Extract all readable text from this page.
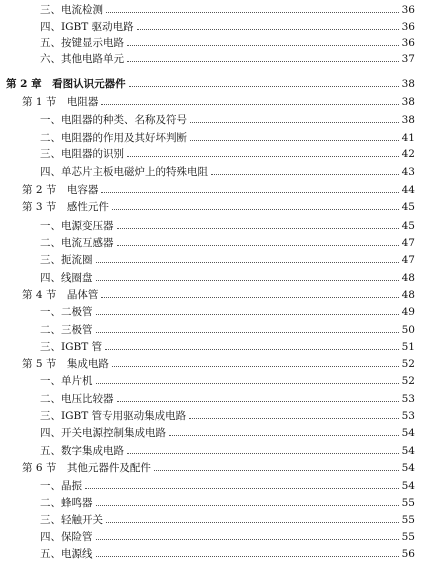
三、电流检测	36
四、IGBT 驱动电路	36
五、按键显示电路	36
六、其他电路单元	37
第 2 章　看图认识元器件	38
第 1 节　电阻器	38
一、电阻器的种类、名称及符号	38
二、电阻器的作用及其好坏判断	41
三、电阻器的识别	42
四、单芯片主板电磁炉上的特殊电阻	43
第 2 节　电容器	44
第 3 节　感性元件	45
一、电源变压器	45
二、电流互感器	47
三、扼流圈	47
四、线圈盘	48
第 4 节　晶体管	48
一、二极管	49
二、三极管	50
三、IGBT 管	51
第 5 节　集成电路	52
一、单片机	52
二、电压比较器	53
三、IGBT 管专用驱动集成电路	53
四、开关电源控制集成电路	54
五、数字集成电路	54
第 6 节　其他元器件及配件	54
一、晶振	54
二、蜂鸣器	55
三、轻触开关	55
四、保险管	55
五、电源线	56
